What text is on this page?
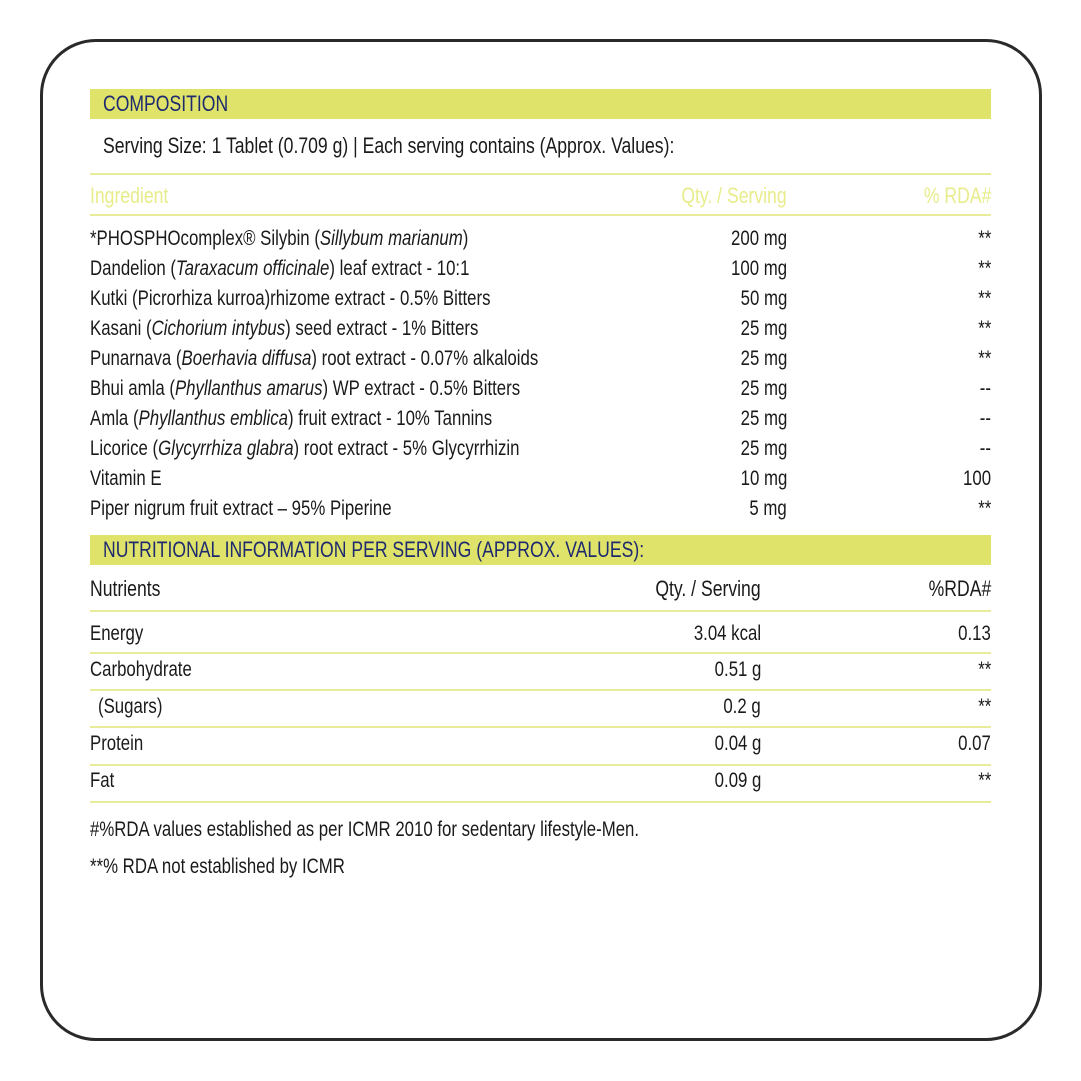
COMPOSITION
Serving Size: 1 Tablet (0.709 g) | Each serving contains (Approx. Values):
Ingredient	Qty. / Serving	% RDA#
*PHOSPHOcomplex® Silybin (Sillybum marianum)	200 mg	**
Dandelion (Taraxacum officinale) leaf extract - 10:1	100 mg	**
Kutki (Picrorhiza kurroa)rhizome extract - 0.5% Bitters	50 mg	**
Kasani (Cichorium intybus) seed extract - 1% Bitters	25 mg	**
Punarnava (Boerhavia diffusa) root extract - 0.07% alkaloids	25 mg	**
Bhui amla (Phyllanthus amarus) WP extract - 0.5% Bitters	25 mg	--
Amla (Phyllanthus emblica) fruit extract - 10% Tannins	25 mg	--
Licorice (Glycyrrhiza glabra) root extract - 5% Glycyrrhizin	25 mg	--
Vitamin E	10 mg	100
Piper nigrum fruit extract – 95% Piperine	5 mg	**
NUTRITIONAL INFORMATION PER SERVING (APPROX. VALUES):
Nutrients	Qty. / Serving	%RDA#
Energy	3.04 kcal	0.13
Carbohydrate	0.51 g	**
(Sugars)	0.2 g	**
Protein	0.04 g	0.07
Fat	0.09 g	**
#%RDA values established as per ICMR 2010 for sedentary lifestyle-Men.
**% RDA not established by ICMR
